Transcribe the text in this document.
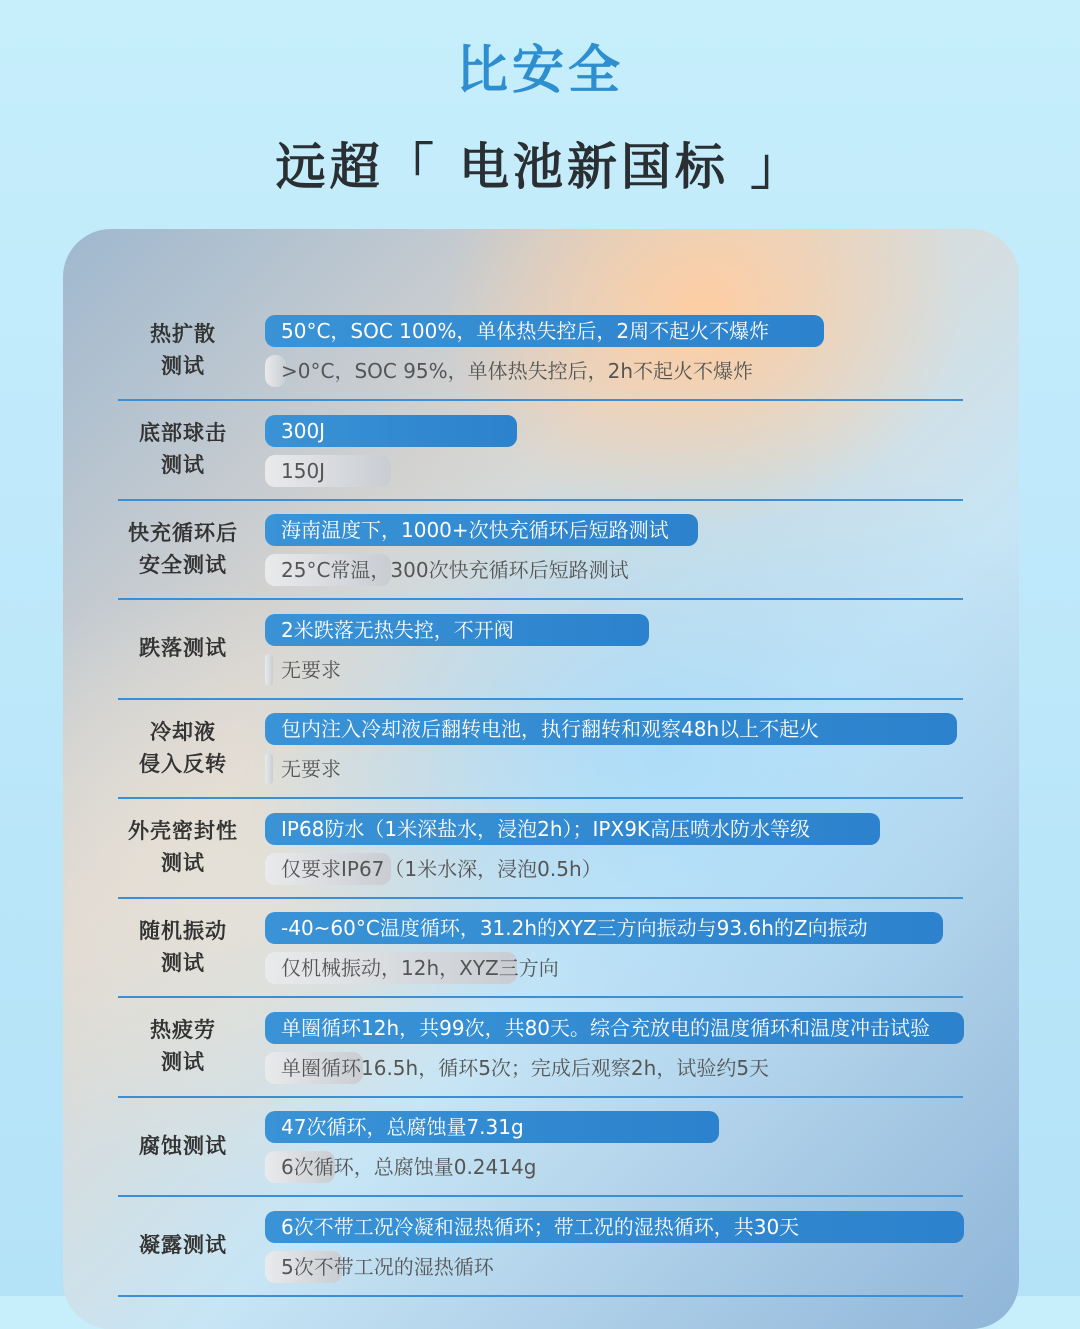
比安全
远超「 电池新国标 」
热扩散
测试
50°C，SOC 100%，单体热失控后，2周不起火不爆炸
>0°C，SOC 95%，单体热失控后，2h不起火不爆炸
底部球击
测试
300J
150J
快充循环后
安全测试
海南温度下，1000+次快充循环后短路测试
25°C常温，300次快充循环后短路测试
跌落测试
2米跌落无热失控，不开阀
无要求
冷却液
侵入反转
包内注入冷却液后翻转电池，执行翻转和观察48h以上不起火
无要求
外壳密封性
测试
IP68防水（1米深盐水，浸泡2h）；IPX9K高压喷水防水等级
仅要求IP67（1米水深，浸泡0.5h）
随机振动
测试
-40~60°C温度循环，31.2h的XYZ三方向振动与93.6h的Z向振动
仅机械振动，12h，XYZ三方向
热疲劳
测试
单圈循环12h，共99次，共80天。综合充放电的温度循环和温度冲击试验
单圈循环16.5h，循环5次；完成后观察2h，试验约5天
腐蚀测试
47次循环，总腐蚀量7.31g
6次循环，总腐蚀量0.2414g
凝露测试
6次不带工况冷凝和湿热循环；带工况的湿热循环，共30天
5次不带工况的湿热循环
